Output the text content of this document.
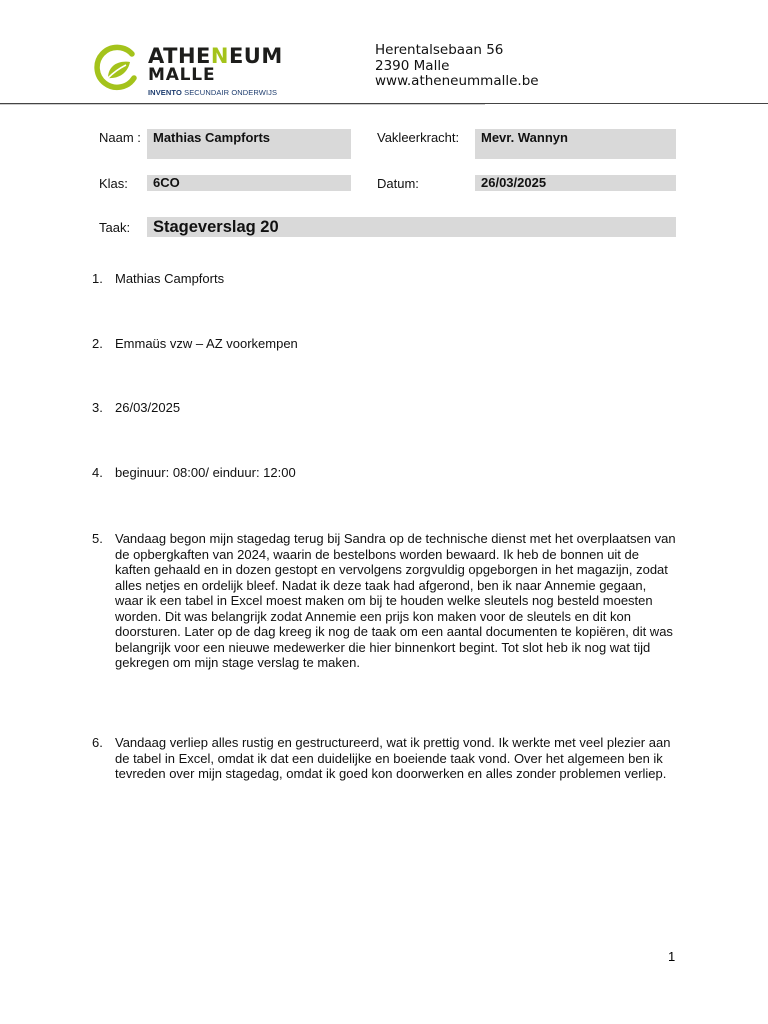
ATHENEUM
MALLE
INVENTO SECUNDAIR ONDERWIJS
Herentalsebaan 56
2390 Malle
www.atheneummalle.be
Naam : Mathias Campforts	Vakleerkracht:	Mevr. Wannyn
Klas:	6CO	Datum:	26/03/2025
Taak:	Stageverslag 20
1. Mathias Campforts
2. Emmaüs vzw – AZ voorkempen
3. 26/03/2025
4. beginuur: 08:00/ einduur: 12:00
5. Vandaag begon mijn stagedag terug bij Sandra op de technische dienst met het overplaatsen van de opbergkaften van 2024, waarin de bestelbons worden bewaard. Ik heb de bonnen uit de kaften gehaald en in dozen gestopt en vervolgens zorgvuldig opgeborgen in het magazijn, zodat alles netjes en ordelijk bleef. Nadat ik deze taak had afgerond, ben ik naar Annemie gegaan, waar ik een tabel in Excel moest maken om bij te houden welke sleutels nog besteld moesten worden. Dit was belangrijk zodat Annemie een prijs kon maken voor de sleutels en dit kon doorsturen. Later op de dag kreeg ik nog de taak om een aantal documenten te kopiëren, dit was belangrijk voor een nieuwe medewerker die hier binnenkort begint. Tot slot heb ik nog wat tijd gekregen om mijn stage verslag te maken.
6. Vandaag verliep alles rustig en gestructureerd, wat ik prettig vond. Ik werkte met veel plezier aan de tabel in Excel, omdat ik dat een duidelijke en boeiende taak vond. Over het algemeen ben ik tevreden over mijn stagedag, omdat ik goed kon doorwerken en alles zonder problemen verliep.
1
